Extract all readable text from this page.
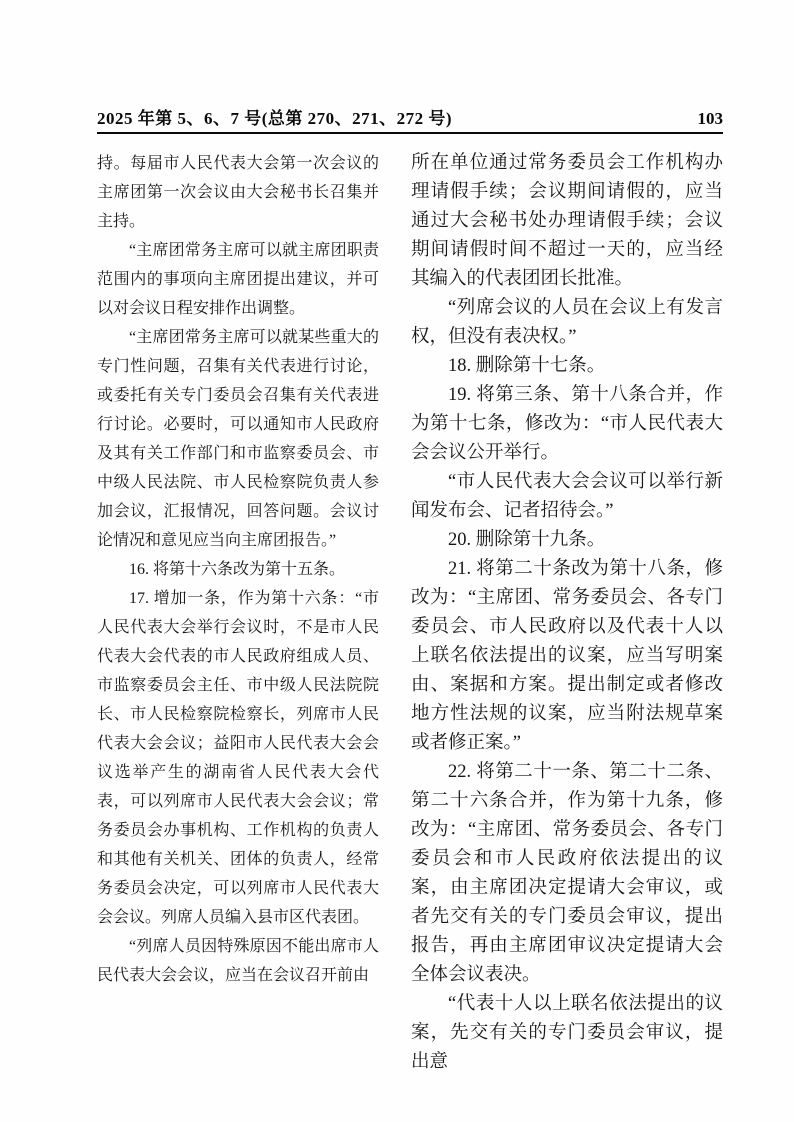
2025 年第 5、6、7 号(总第 270、271、272 号)	103

持。每届市人民代表大会第一次会议的主席团第一次会议由大会秘书长召集并主持。

“主席团常务主席可以就主席团职责范围内的事项向主席团提出建议，并可以对会议日程安排作出调整。

“主席团常务主席可以就某些重大的专门性问题，召集有关代表进行讨论，或委托有关专门委员会召集有关代表进行讨论。必要时，可以通知市人民政府及其有关工作部门和市监察委员会、市中级人民法院、市人民检察院负责人参加会议，汇报情况，回答问题。会议讨论情况和意见应当向主席团报告。”

16. 将第十六条改为第十五条。

17. 增加一条，作为第十六条：“市人民代表大会举行会议时，不是市人民代表大会代表的市人民政府组成人员、市监察委员会主任、市中级人民法院院长、市人民检察院检察长，列席市人民代表大会会议；益阳市人民代表大会会议选举产生的湖南省人民代表大会代表，可以列席市人民代表大会会议；常务委员会办事机构、工作机构的负责人和其他有关机关、团体的负责人，经常务委员会决定，可以列席市人民代表大会会议。列席人员编入县市区代表团。

“列席人员因特殊原因不能出席市人民代表大会会议，应当在会议召开前由

所在单位通过常务委员会工作机构办理请假手续；会议期间请假的，应当通过大会秘书处办理请假手续；会议期间请假时间不超过一天的，应当经其编入的代表团团长批准。

“列席会议的人员在会议上有发言权，但没有表决权。”

18. 删除第十七条。

19. 将第三条、第十八条合并，作为第十七条，修改为：“市人民代表大会会议公开举行。

“市人民代表大会会议可以举行新闻发布会、记者招待会。”

20. 删除第十九条。

21. 将第二十条改为第十八条，修改为：“主席团、常务委员会、各专门委员会、市人民政府以及代表十人以上联名依法提出的议案，应当写明案由、案据和方案。提出制定或者修改地方性法规的议案，应当附法规草案或者修正案。”

22. 将第二十一条、第二十二条、第二十六条合并，作为第十九条，修改为：“主席团、常务委员会、各专门委员会和市人民政府依法提出的议案，由主席团决定提请大会审议，或者先交有关的专门委员会审议，提出报告，再由主席团审议决定提请大会全体会议表决。

“代表十人以上联名依法提出的议案，先交有关的专门委员会审议，提出意
